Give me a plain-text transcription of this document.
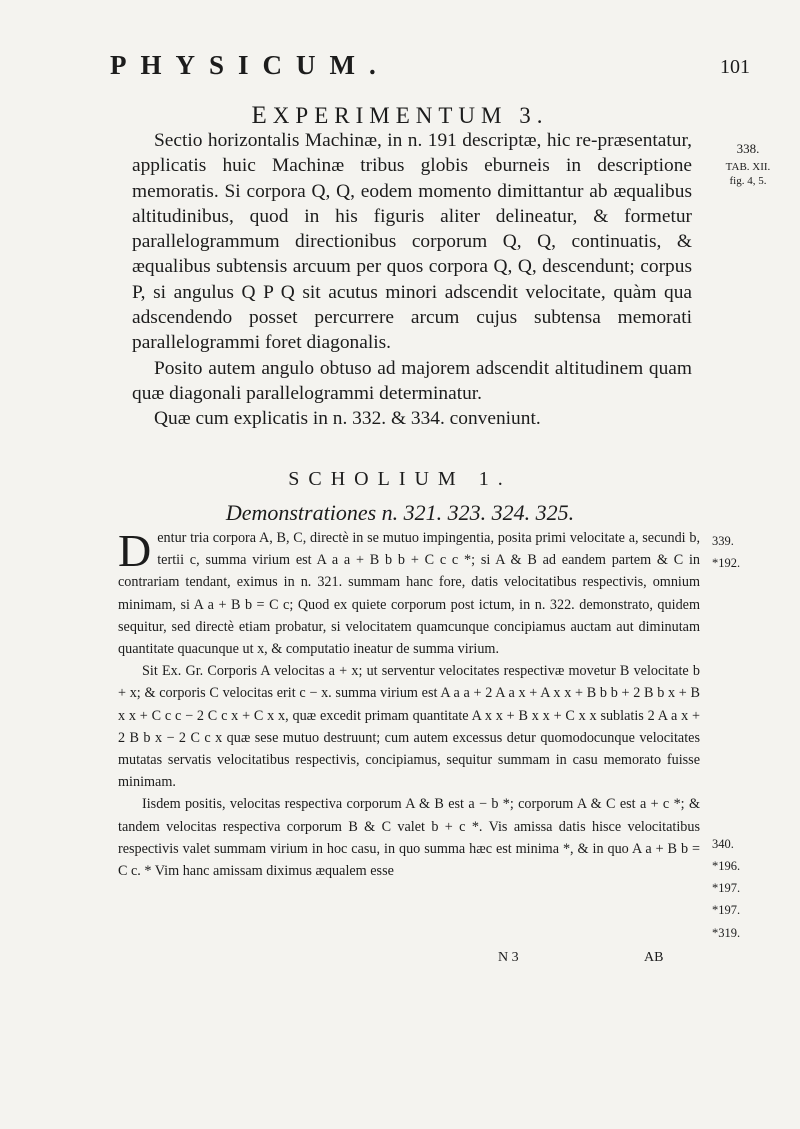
PHYSICUM.	101
EXPERIMENTUM 3.

Sectio horizontalis Machinæ, in n. 191 descriptæ, hic re-præsentatur, applicatis huic Machinæ tribus globis eburneis in descriptione memoratis. Si corpora Q, Q, eodem momento dimittantur ab æqualibus altitudinibus, quod in his figuris aliter delineatur, & formetur parallelogrammum directionibus corporum Q, Q, continuatis, & æqualibus subtensis arcuum per quos corpora Q, Q, descendunt; corpus P, si angulus Q P Q sit acutus minori adscendit velocitate, quàm qua adscendendo posset percurrere arcum cujus subtensa memorati parallelogrammi foret diagonalis.

Posito autem angulo obtuso ad majorem adscendit altitudinem quam quæ diagonali parallelogrammi determinatur.

Quæ cum explicatis in n. 332. & 334. conveniunt.

338.
TAB. XII. fig. 4, 5.
SCHOLIUM 1.
Demonstrationes n. 321. 323. 324. 325.

Dentur tria corpora A, B, C, directè in se mutuo impingentia, posita primi velocitate a, secundi b, tertii c, summa virium est A a a + B b b + C c c *; si A & B ad eandem partem & C in contrariam tendant, eximus in n. 321. summam hanc fore, datis velocitatibus respectivis, omnium minimam, si A a + B b = C c; Quod ex quiete corporum post ictum, in n. 322. demonstrato, quidem sequitur, sed directè etiam probatur, si velocitatem quamcunque concipiamus auctam aut diminutam quantitate quacunque ut x, & computatio ineatur de summa virium.

Sit Ex. Gr. Corporis A velocitas a + x; ut serventur velocitates respectivæ movetur B velocitate b + x; & corporis C velocitas erit c − x. summa virium est A a a + 2 A a x + A x x + B b b + 2 B b x + B x x + C c c − 2 C c x + C x x, quæ excedit primam quantitate A x x + B x x + C x x sublatis 2 A a x + 2 B b x − 2 C c x quæ sese mutuo destruunt; cum autem excessus detur quomodocunque velocitates mutatas servatis velocitatibus respectivis, concipiamus, sequitur summam in casu memorato fuisse minimam.

Iisdem positis, velocitas respectiva corporum A & B est a − b *; corporum A & C est a + c *; & tandem velocitas respectiva corporum B & C valet b + c *. Vis amissa datis hisce velocitatibus respectivis valet summam virium in hoc casu, in quo summa hæc est minima *, & in quo A a + B b = C c. * Vim hanc amissam diximus æqualem esse

339.
*192.
340.
*196.
*197.
*197.
*319.
N 3	AB
